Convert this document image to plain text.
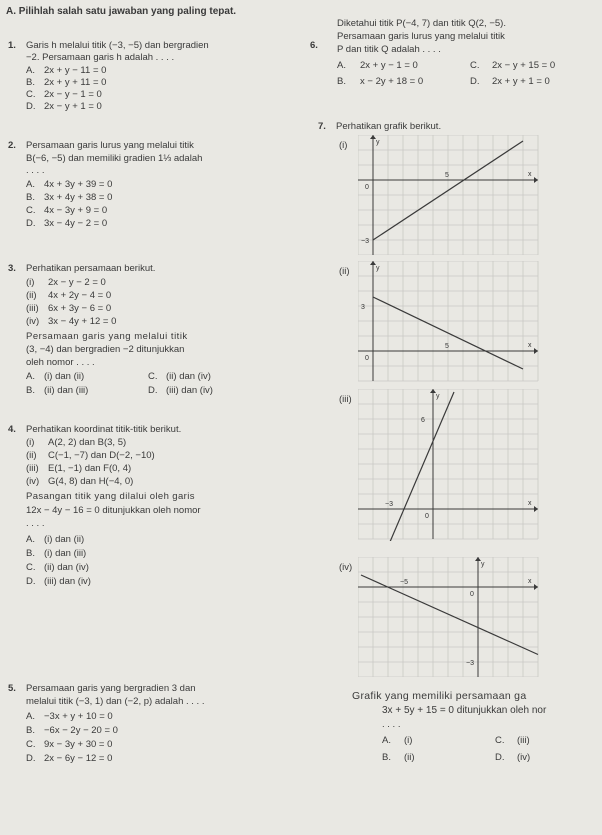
A. Pilihlah salah satu jawaban yang paling tepat.
1. Garis h melalui titik (−3, −5) dan bergradien
−2. Persamaan garis h adalah . . . .
A. 2x + y − 11 = 0
B. 2x + y + 11 = 0
C. 2x − y − 1 = 0
D. 2x − y + 1 = 0
2. Persamaan garis lurus yang melalui titik
B(−6, −5) dan memiliki gradien 1⅓ adalah
. . . .
A. 4x + 3y + 39 = 0
B. 3x + 4y + 38 = 0
C. 4x − 3y + 9 = 0
D. 3x − 4y − 2 = 0
3. Perhatikan persamaan berikut.
(i) 2x − y − 2 = 0
(ii) 4x + 2y − 4 = 0
(iii) 6x + 3y − 6 = 0
(iv) 3x − 4y + 12 = 0
Persamaan garis yang melalui titik
(3, −4) dan bergradien −2 ditunjukkan
oleh nomor . . . .
A. (i) dan (ii)	C. (ii) dan (iv)
B. (ii) dan (iii)	D. (iii) dan (iv)
4. Perhatikan koordinat titik-titik berikut.
(i) A(2, 2) dan B(3, 5)
(ii) C(−1, −7) dan D(−2, −10)
(iii) E(1, −1) dan F(0, 4)
(iv) G(4, 8) dan H(−4, 0)
Pasangan titik yang dilalui oleh garis
12x − 4y − 16 = 0 ditunjukkan oleh nomor
. . . .
A. (i) dan (ii)
B. (i) dan (iii)
C. (ii) dan (iv)
D. (iii) dan (iv)
5. Persamaan garis yang bergradien 3 dan
melalui titik (−3, 1) dan (−2, p) adalah . . . .
A. −3x + y + 10 = 0
B. −6x − 2y − 20 = 0
C. 9x − 3y + 30 = 0
D. 2x − 6y − 12 = 0
6.
Diketahui titik P(−4, 7) dan titik Q(2, −5).
Persamaan garis lurus yang melalui titik
P dan titik Q adalah . . . .
A. 2x + y − 1 = 0	C. 2x − y + 15 = 0
B. x − 2y + 18 = 0	D. 2x + y + 1 = 0
7. Perhatikan grafik berikut.
(i)
x
y
0
5
−3
(ii)
x
y
0
5
3
(iii)
x
y
0
−3
6
(iv)
x
y
0
−5
−3
Grafik yang memiliki persamaan ga
3x + 5y + 15 = 0 ditunjukkan oleh nor
. . . .
A. (i)	C. (iii)
B. (ii)	D. (iv)
